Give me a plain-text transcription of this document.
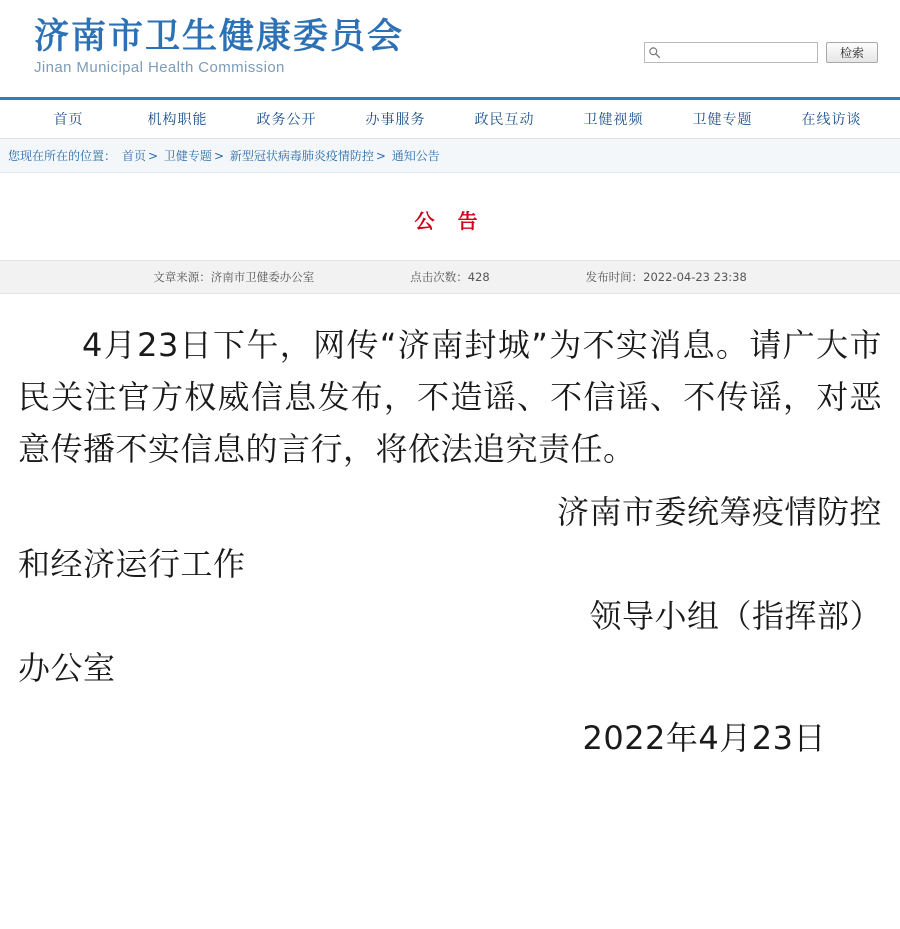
济南市卫生健康委员会
Jinan Municipal Health Commission
检索
首页	机构职能	政务公开	办事服务	政民互动	卫健视频	卫健专题	在线访谈
您现在所在的位置： 首页 > 卫健专题 > 新型冠状病毒肺炎疫情防控 > 通知公告
公 告
文章来源：济南市卫健委办公室	点击次数：428	发布时间：2022-04-23 23:38

4月23日下午，网传“济南封城”为不实消息。请广大市民关注官方权威信息发布，不造谣、不信谣、不传谣，对恶意传播不实信息的言行，将依法追究责任。

济南市委统筹疫情防控
和经济运行工作
领导小组（指挥部）
办公室
2022年4月23日
